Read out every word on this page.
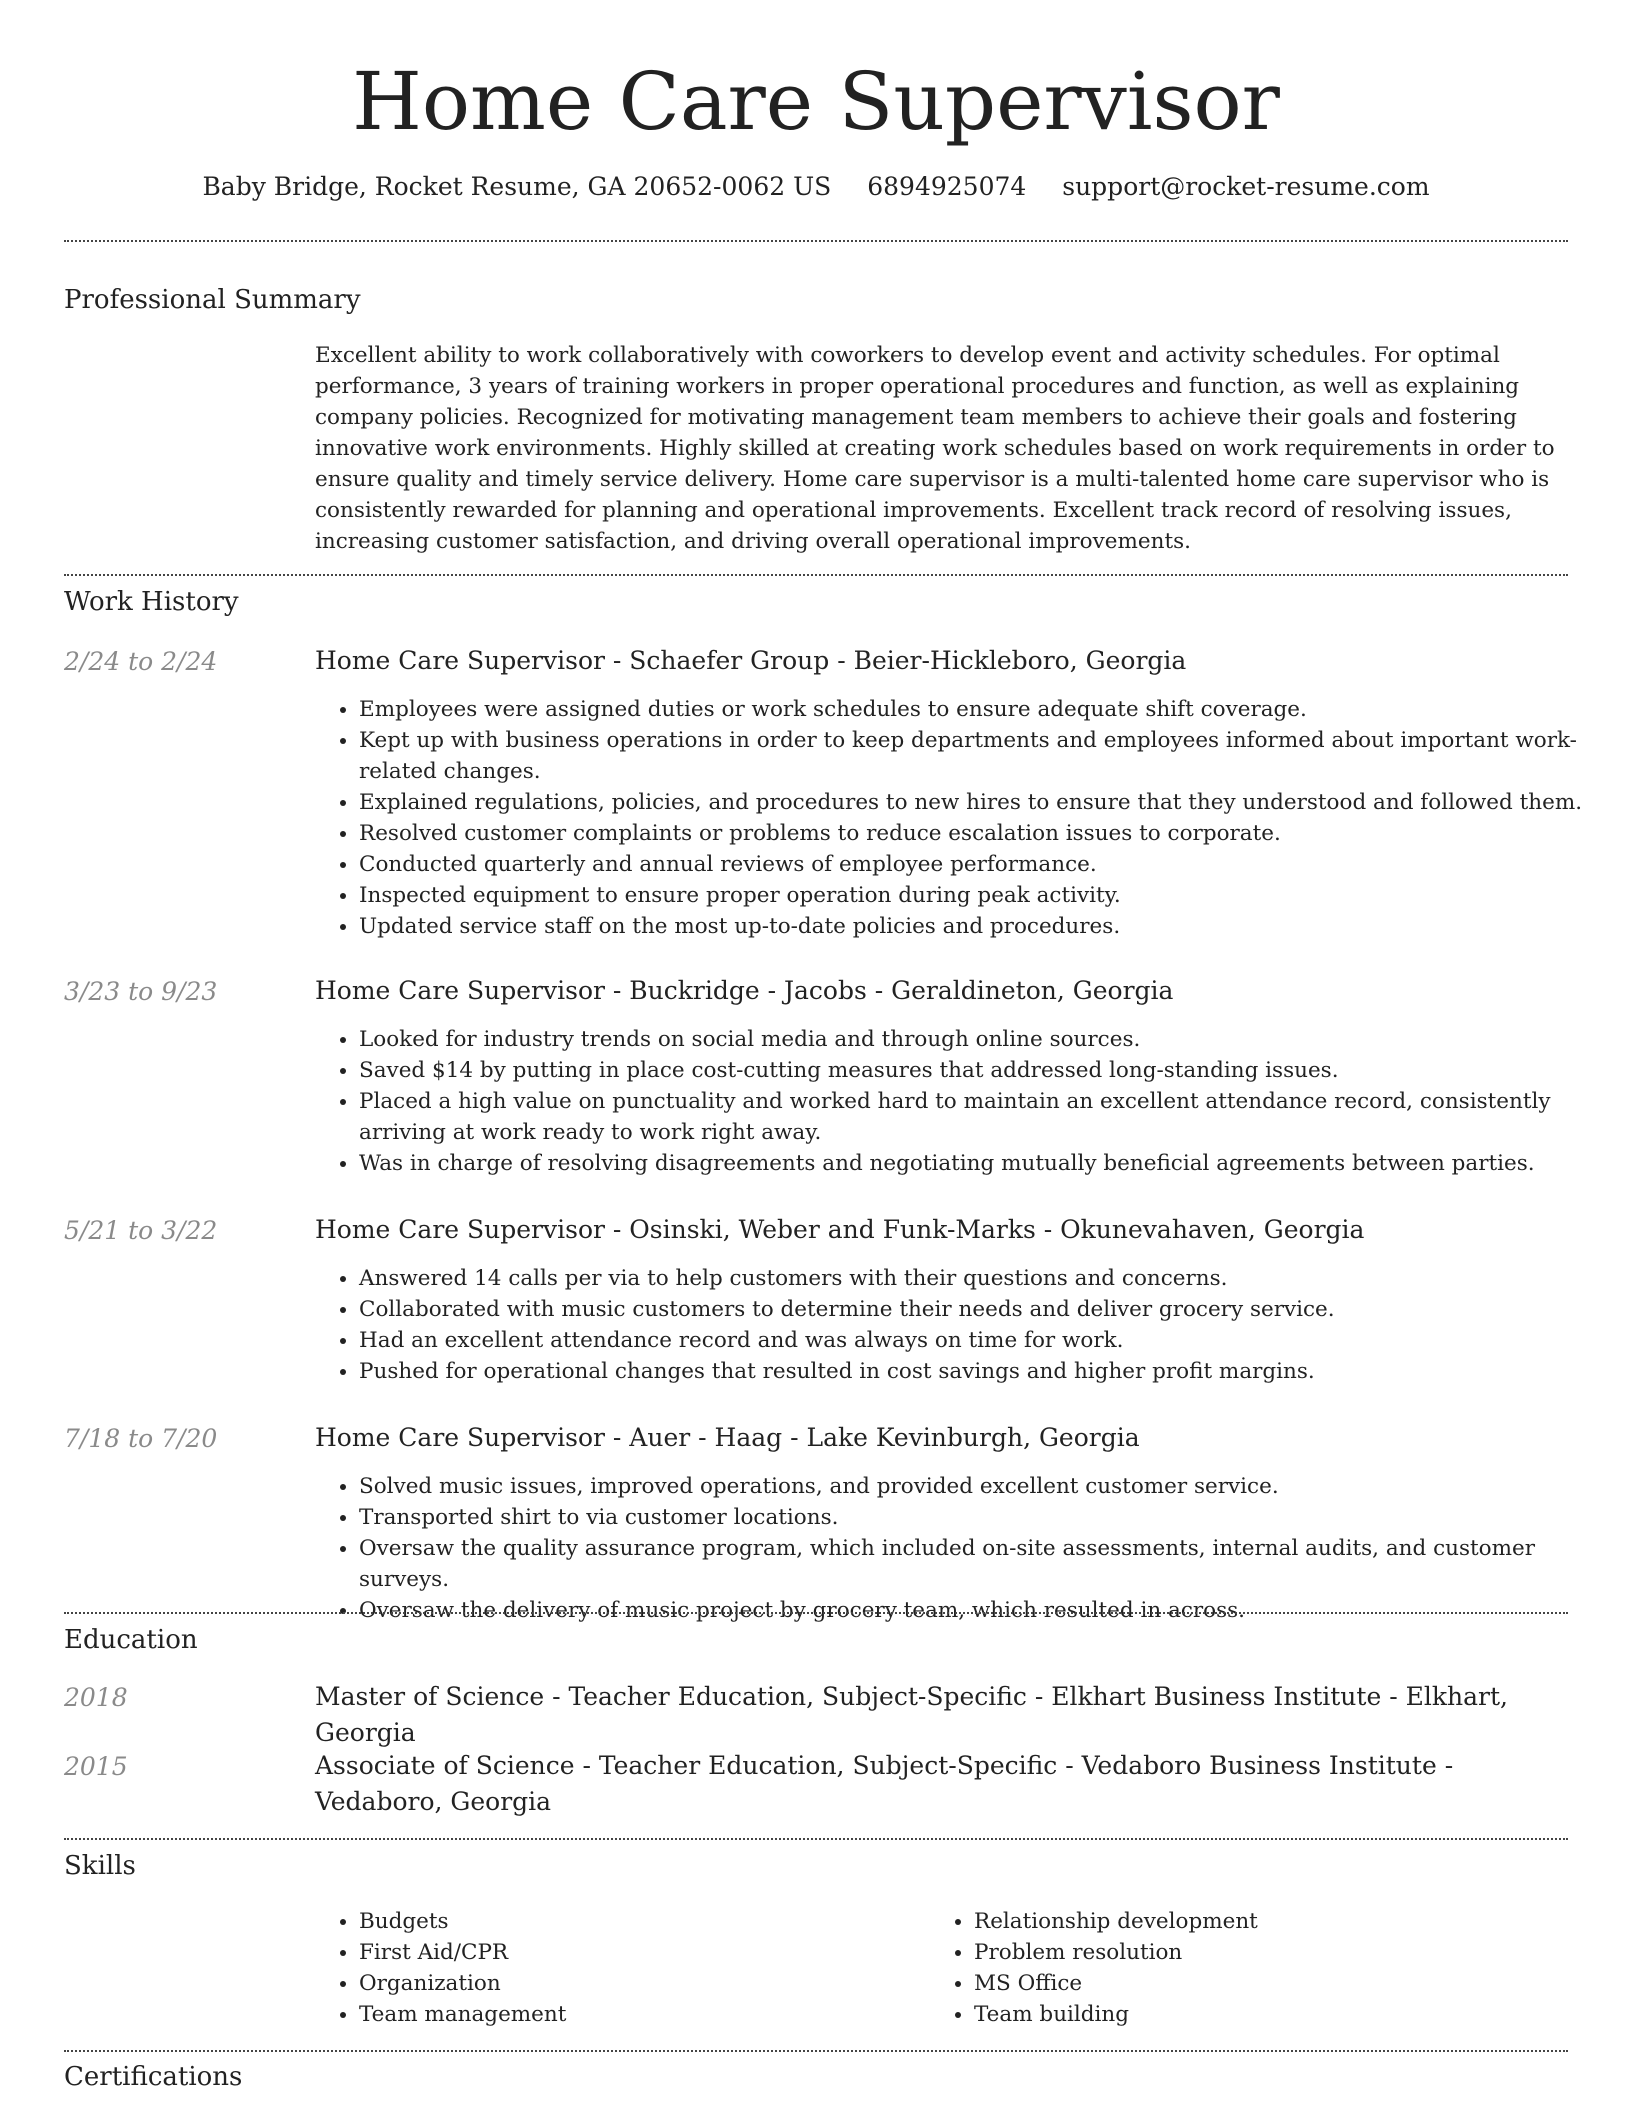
Home Care Supervisor
Baby Bridge, Rocket Resume, GA 20652-0062 US 6894925074 support@rocket-resume.com
Professional Summary

Excellent ability to work collaboratively with coworkers to develop event and activity schedules. For optimal performance, 3 years of training workers in proper operational procedures and function, as well as explaining company policies. Recognized for motivating management team members to achieve their goals and fostering innovative work environments. Highly skilled at creating work schedules based on work requirements in order to ensure quality and timely service delivery. Home care supervisor is a multi-talented home care supervisor who is consistently rewarded for planning and operational improvements. Excellent track record of resolving issues, increasing customer satisfaction, and driving overall operational improvements.

Work History
2/24 to 2/24	Home Care Supervisor - Schaefer Group - Beier-Hickleboro, Georgia
• Employees were assigned duties or work schedules to ensure adequate shift coverage.
• Kept up with business operations in order to keep departments and employees informed about important work-related changes.
• Explained regulations, policies, and procedures to new hires to ensure that they understood and followed them.
• Resolved customer complaints or problems to reduce escalation issues to corporate.
• Conducted quarterly and annual reviews of employee performance.
• Inspected equipment to ensure proper operation during peak activity.
• Updated service staff on the most up-to-date policies and procedures.
3/23 to 9/23	Home Care Supervisor - Buckridge - Jacobs - Geraldineton, Georgia
• Looked for industry trends on social media and through online sources.
• Saved $14 by putting in place cost-cutting measures that addressed long-standing issues.
• Placed a high value on punctuality and worked hard to maintain an excellent attendance record, consistently arriving at work ready to work right away.
• Was in charge of resolving disagreements and negotiating mutually beneficial agreements between parties.
5/21 to 3/22	Home Care Supervisor - Osinski, Weber and Funk-Marks - Okunevahaven, Georgia
• Answered 14 calls per via to help customers with their questions and concerns.
• Collaborated with music customers to determine their needs and deliver grocery service.
• Had an excellent attendance record and was always on time for work.
• Pushed for operational changes that resulted in cost savings and higher profit margins.
7/18 to 7/20	Home Care Supervisor - Auer - Haag - Lake Kevinburgh, Georgia
• Solved music issues, improved operations, and provided excellent customer service.
• Transported shirt to via customer locations.
• Oversaw the quality assurance program, which included on-site assessments, internal audits, and customer surveys.
• Oversaw the delivery of music project by grocery team, which resulted in across.
Education
2018	Master of Science - Teacher Education, Subject-Specific - Elkhart Business Institute - Elkhart, Georgia
2015	Associate of Science - Teacher Education, Subject-Specific - Vedaboro Business Institute - Vedaboro, Georgia
Skills
• Budgets
• First Aid/CPR
• Organization
• Team management
• Relationship development
• Problem resolution
• MS Office
• Team building
Certifications
